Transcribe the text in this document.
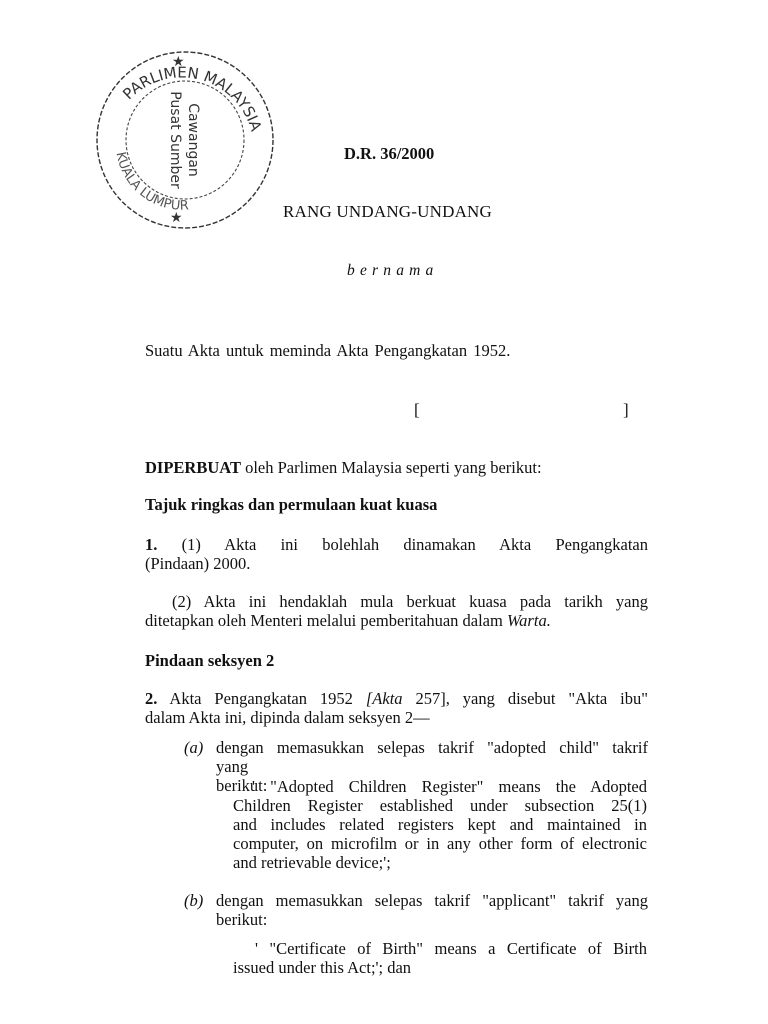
PARLIMEN MALAYSIA
KUALA LUMPUR
★
★
Cawangan
Pusat Sumber	D.R. 36/2000
RANG UNDANG-UNDANG
bernama
Suatu Akta untuk meminda Akta Pengangkatan 1952.
[	]
DIPERBUAT oleh Parlimen Malaysia seperti yang berikut:
Tajuk ringkas dan permulaan kuat kuasa
1. (1) Akta ini bolehlah dinamakan Akta Pengangkatan
(Pindaan) 2000.
(2) Akta ini hendaklah mula berkuat kuasa pada tarikh yang
ditetapkan oleh Menteri melalui pemberitahuan dalam Warta.
Pindaan seksyen 2
2. Akta Pengangkatan 1952 [Akta 257], yang disebut "Akta ibu"
dalam Akta ini, dipinda dalam seksyen 2—
(a) dengan memasukkan selepas takrif "adopted child" takrif
yang berikut:
' "Adopted Children Register" means the Adopted
Children Register established under subsection 25(1)
and includes related registers kept and maintained in
computer, on microfilm or in any other form of electronic
and retrievable device;';
(b) dengan memasukkan selepas takrif "applicant" takrif yang
berikut:
' "Certificate of Birth" means a Certificate of Birth
issued under this Act;'; dan
